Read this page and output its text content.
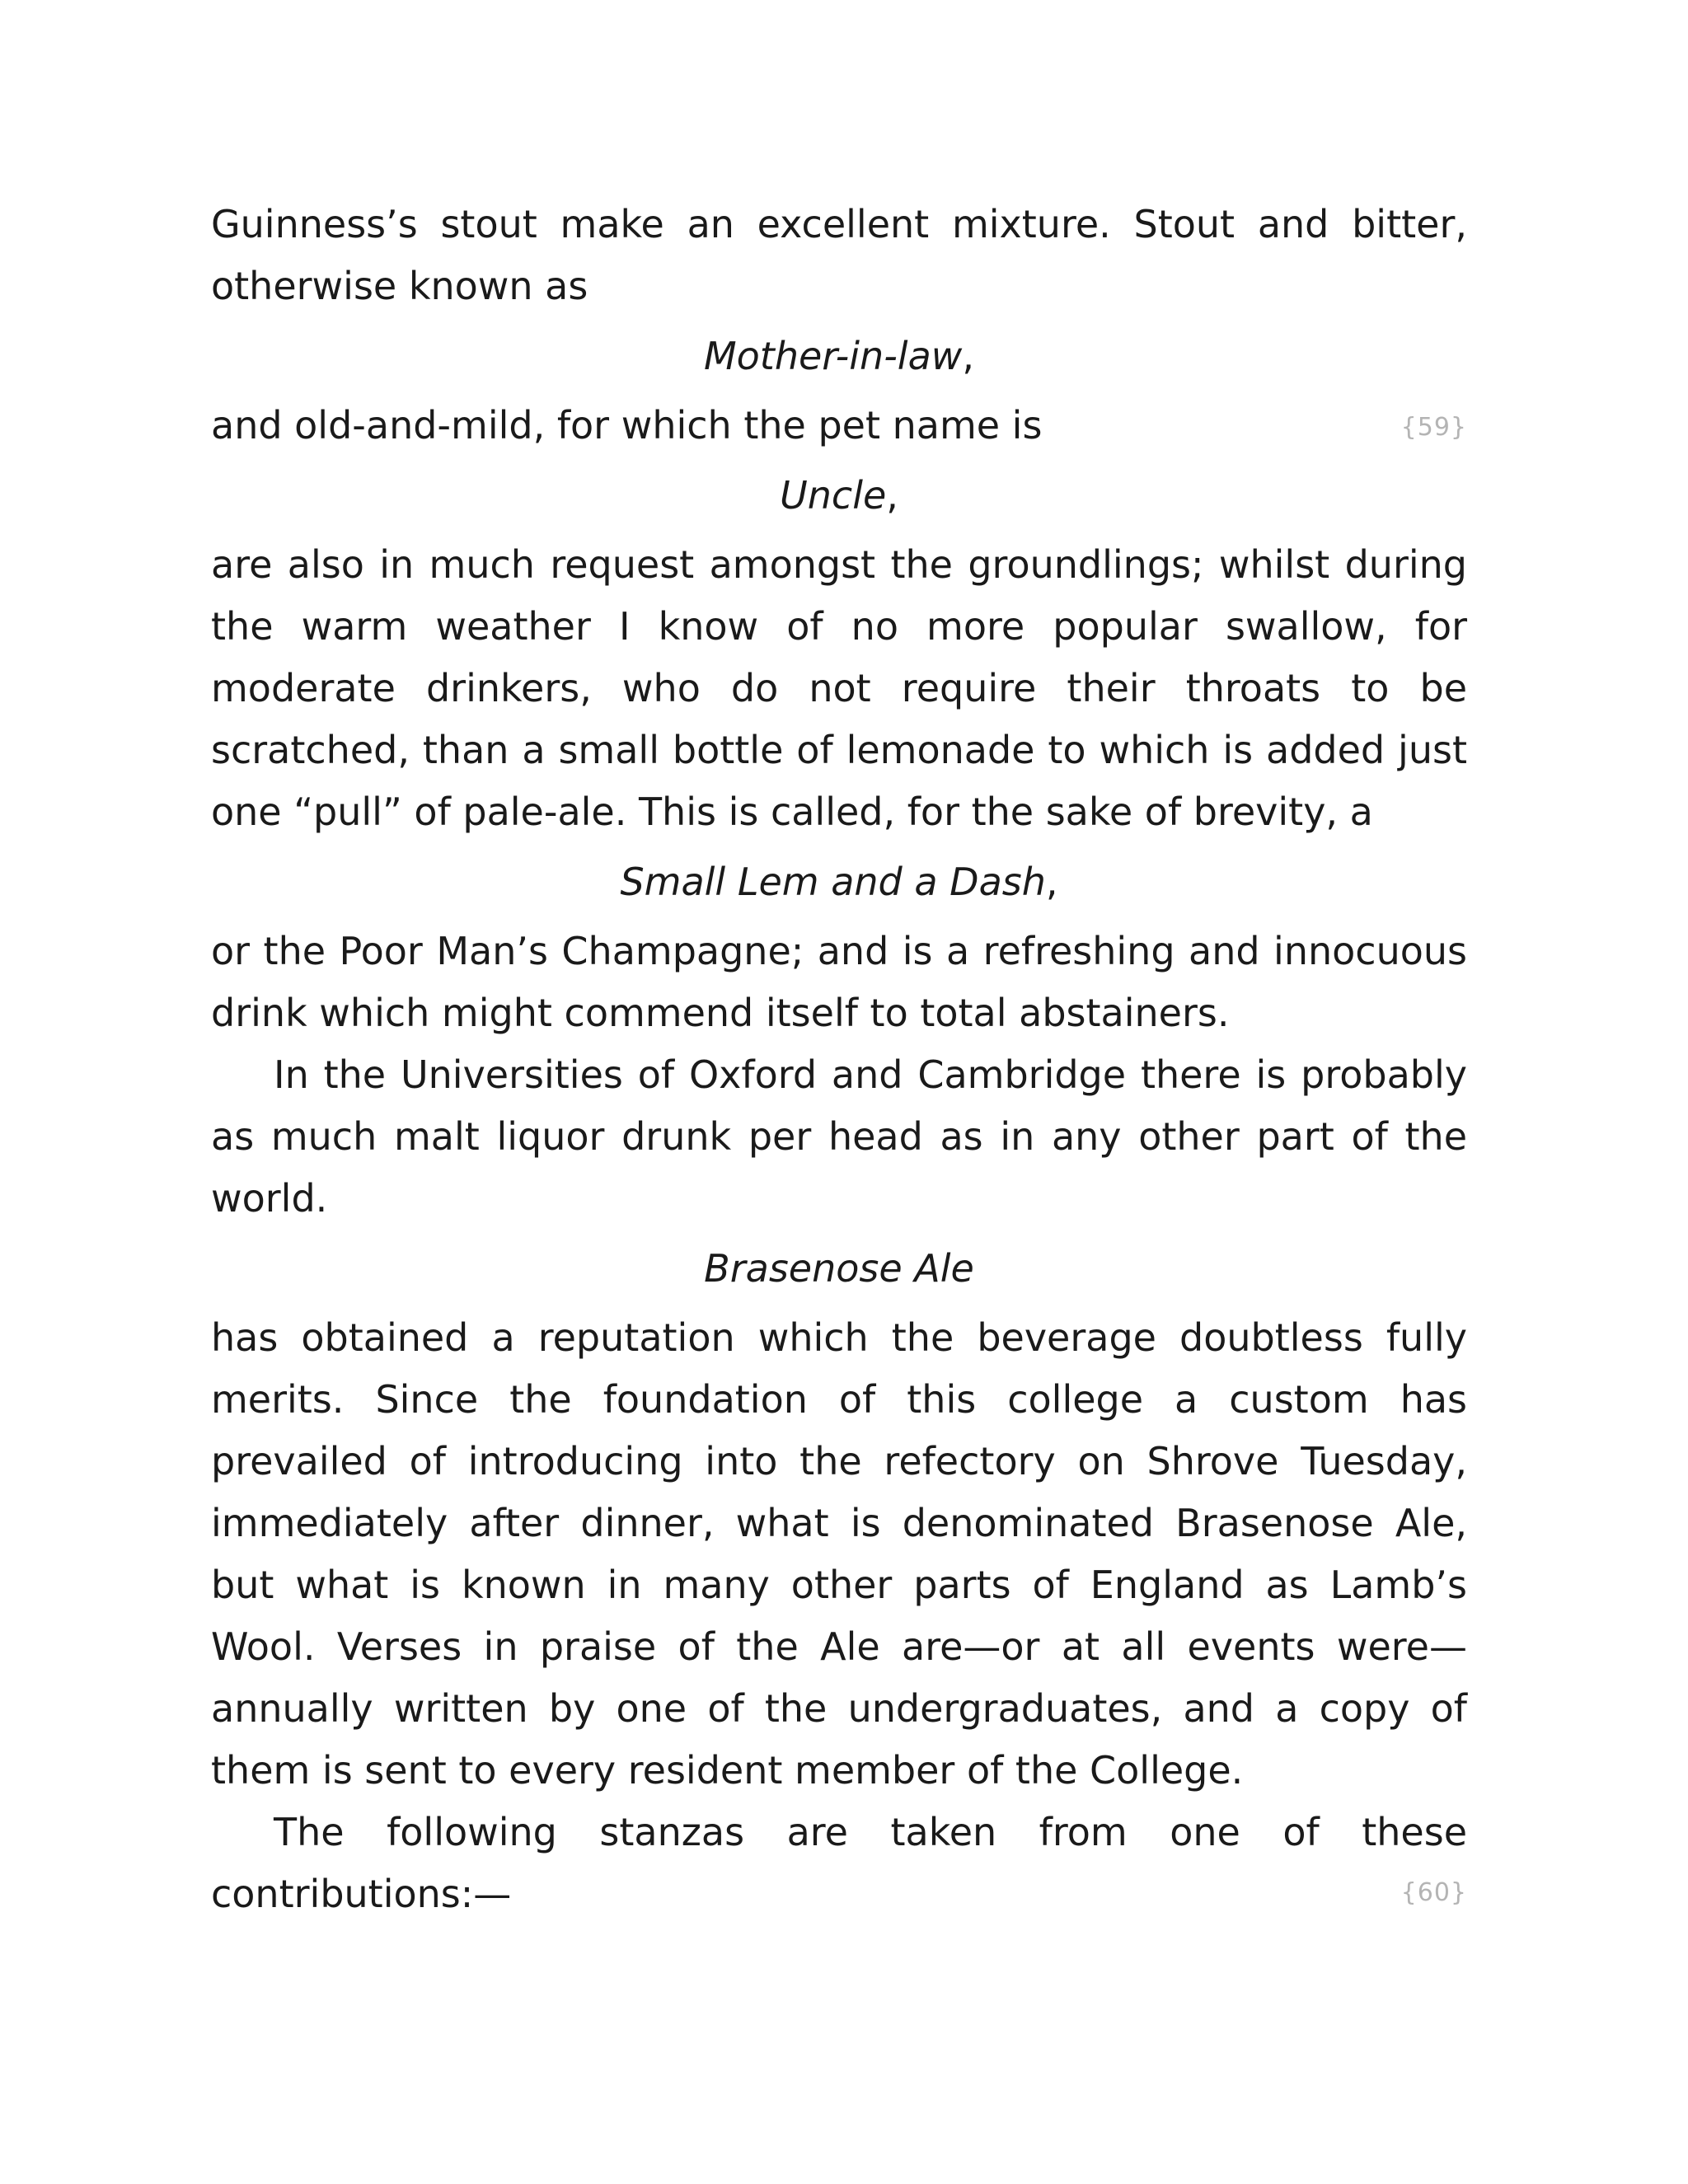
Guinness’s stout make an excellent mixture. Stout and bitter, otherwise known as

Mother-in-law,

and old-and-mild, for which the pet name is	{59}

Uncle,

are also in much request amongst the groundlings; whilst during the warm weather I know of no more popular swallow, for moderate drinkers, who do not require their throats to be scratched, than a small bottle of lemonade to which is added just one “pull” of pale-ale. This is called, for the sake of brevity, a

Small Lem and a Dash,

or the Poor Man’s Champagne; and is a refreshing and innocuous drink which might commend itself to total abstainers.

In the Universities of Oxford and Cambridge there is probably as much malt liquor drunk per head as in any other part of the world.

Brasenose Ale

has obtained a reputation which the beverage doubtless fully merits. Since the foundation of this college a custom has prevailed of introducing into the refectory on Shrove Tuesday, immediately after dinner, what is denominated Brasenose Ale, but what is known in many other parts of England as Lamb’s Wool. Verses in praise of the Ale are—or at all events were—annually written by one of the undergraduates, and a copy of them is sent to every resident member of the College.

The following stanzas are taken from one of these contributions:—	{60}
